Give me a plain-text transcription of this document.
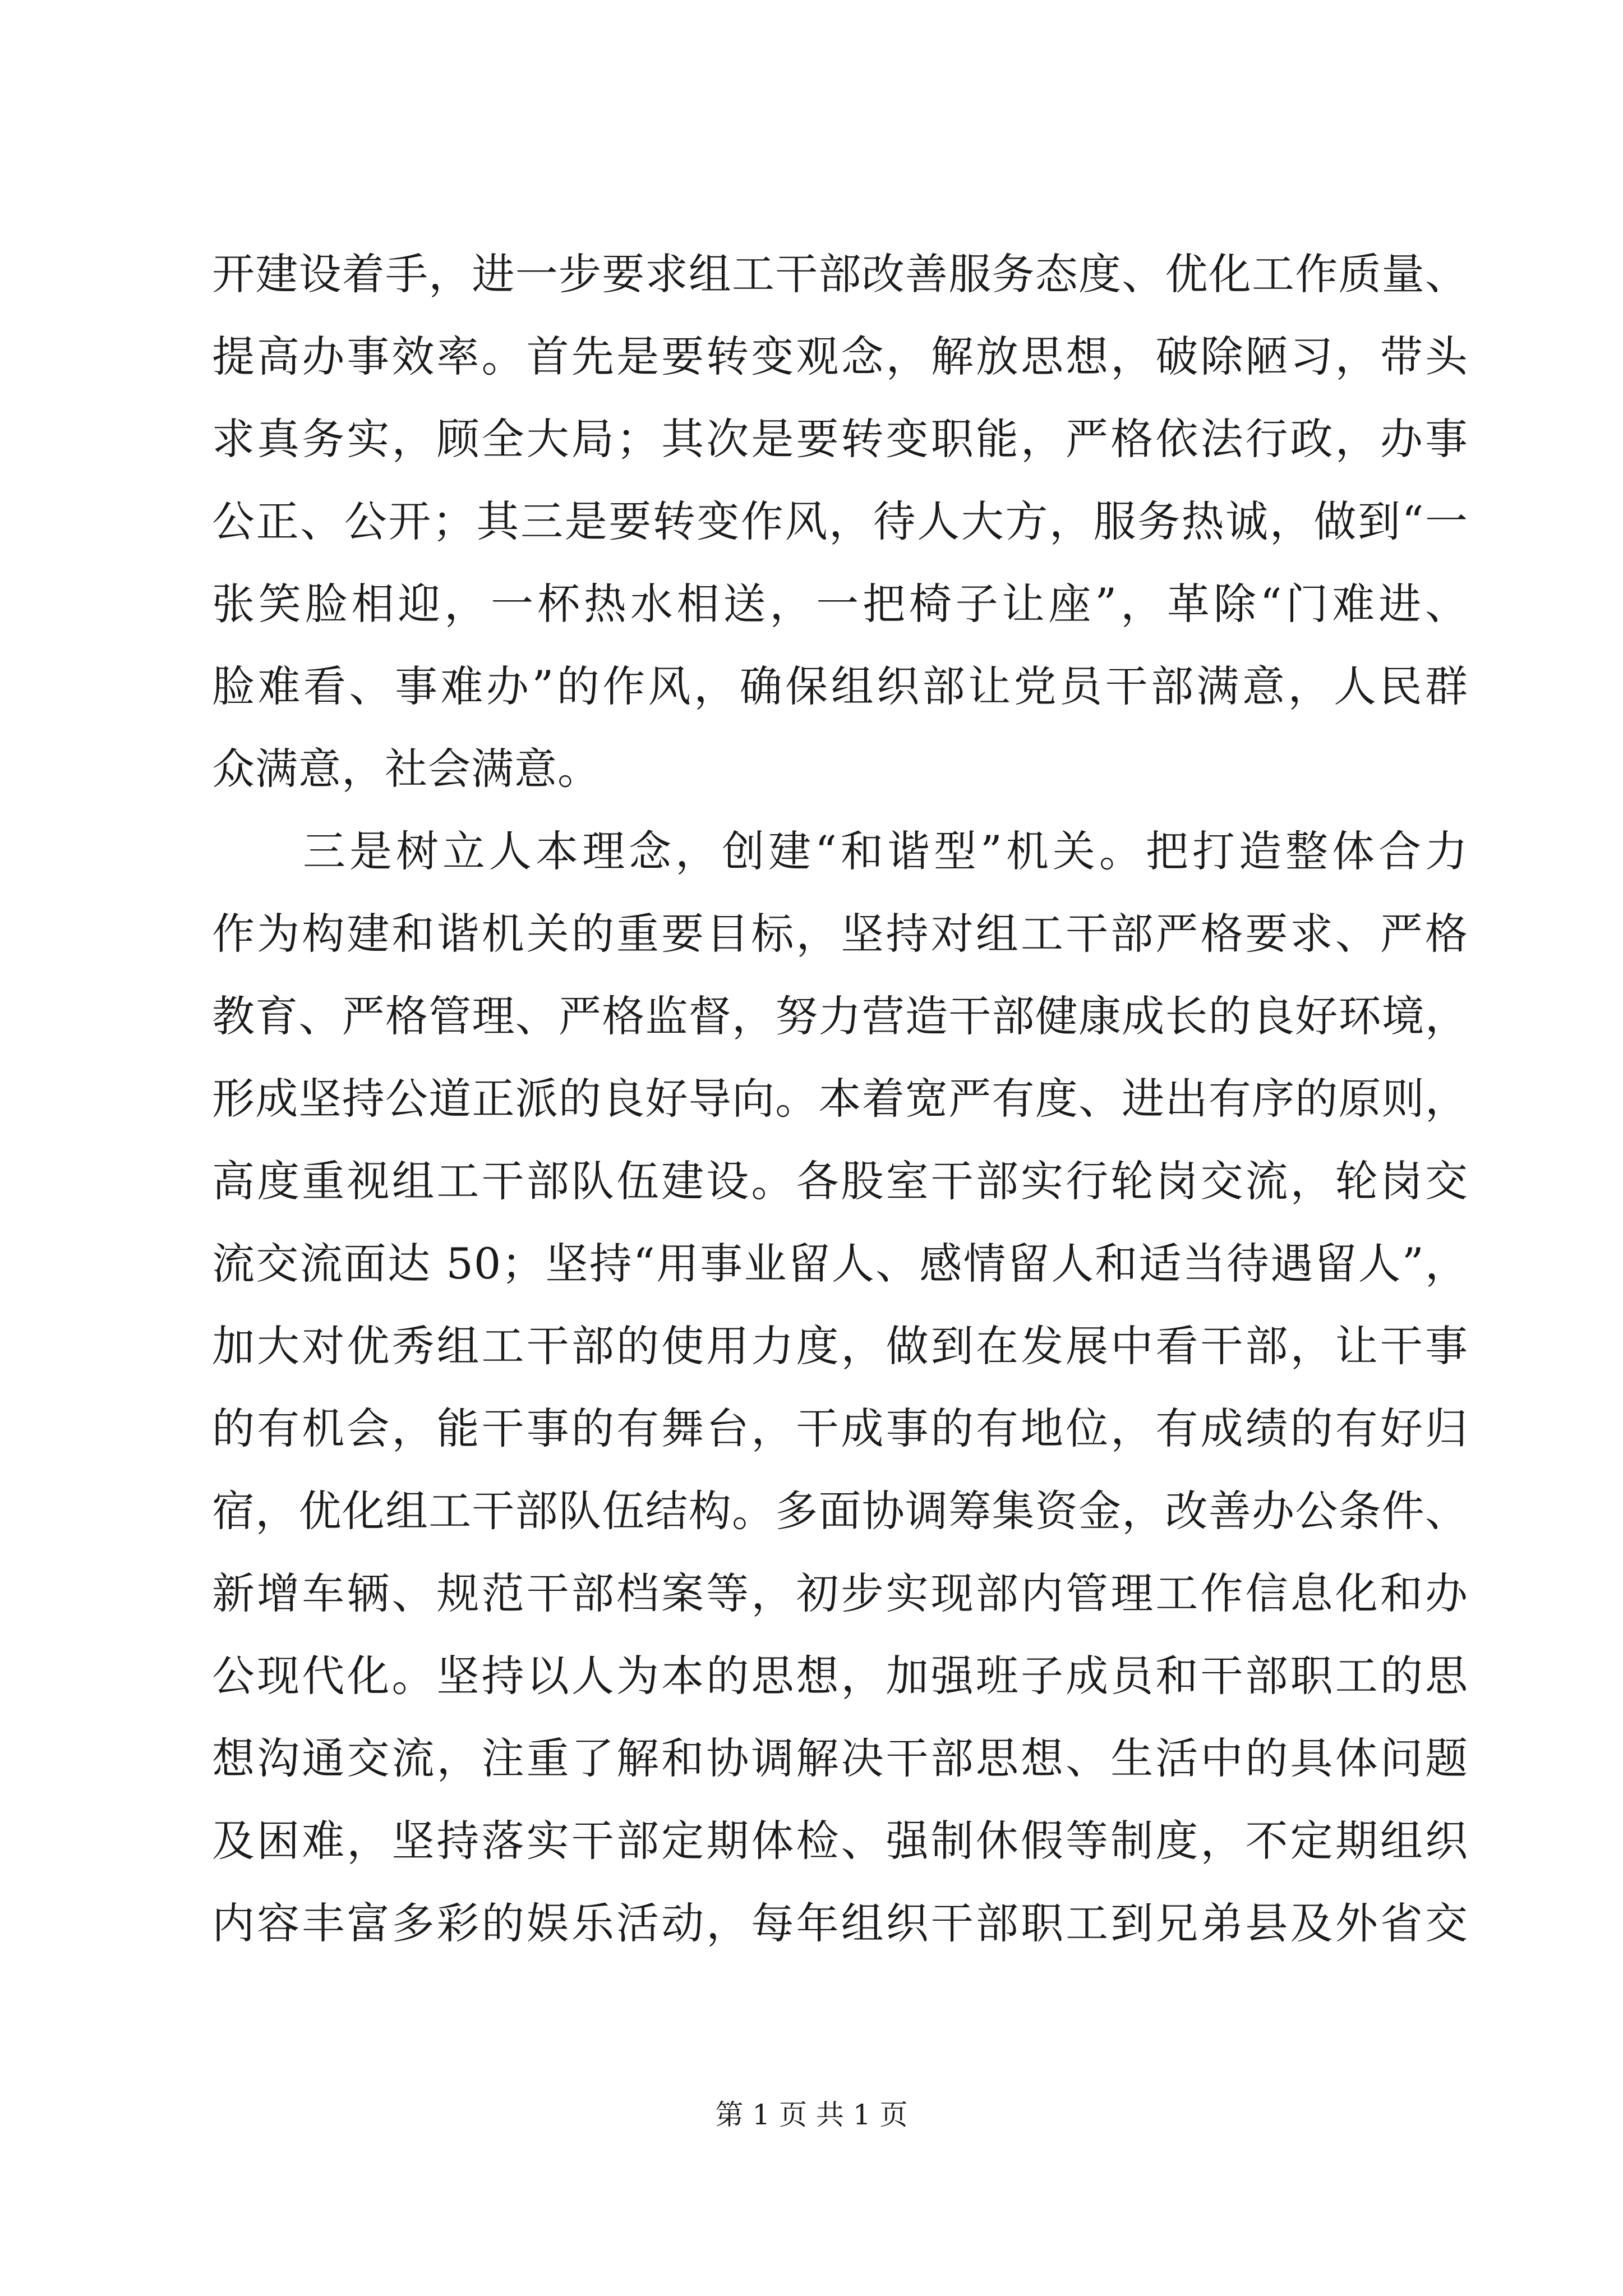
开建设着手，进一步要求组工干部改善服务态度、优化工作质量、
提高办事效率。首先是要转变观念，解放思想，破除陋习，带头
求真务实，顾全大局；其次是要转变职能，严格依法行政，办事
公正、公开；其三是要转变作风，待人大方，服务热诚，做到“一
张笑脸相迎，一杯热水相送，一把椅子让座”，革除“门难进、
脸难看、事难办”的作风，确保组织部让党员干部满意，人民群
众满意，社会满意。
三是树立人本理念，创建“和谐型”机关。把打造整体合力
作为构建和谐机关的重要目标，坚持对组工干部严格要求、严格
教育、严格管理、严格监督，努力营造干部健康成长的良好环境，
形成坚持公道正派的良好导向。本着宽严有度、进出有序的原则，
高度重视组工干部队伍建设。各股室干部实行轮岗交流，轮岗交
流交流面达 50；坚持“用事业留人、感情留人和适当待遇留人”，
加大对优秀组工干部的使用力度，做到在发展中看干部，让干事
的有机会，能干事的有舞台，干成事的有地位，有成绩的有好归
宿，优化组工干部队伍结构。多面协调筹集资金，改善办公条件、
新增车辆、规范干部档案等，初步实现部内管理工作信息化和办
公现代化。坚持以人为本的思想，加强班子成员和干部职工的思
想沟通交流，注重了解和协调解决干部思想、生活中的具体问题
及困难，坚持落实干部定期体检、强制休假等制度，不定期组织
内容丰富多彩的娱乐活动，每年组织干部职工到兄弟县及外省交
第 1 页 共 1 页
